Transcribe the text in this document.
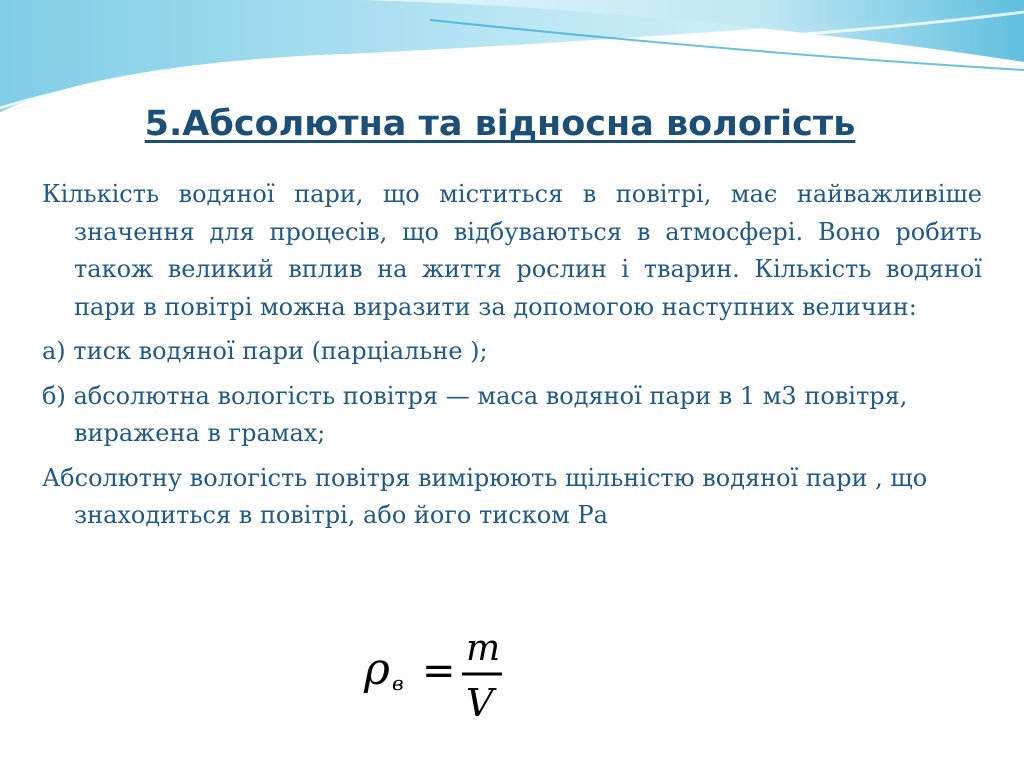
5.Абсолютна та відносна вологість

Кількість водяної пари, що міститься в повітрі, має найважливіше значення для процесів, що відбуваються в атмосфері. Воно робить також великий вплив на життя рослин і тварин. Кількість водяної пари в повітрі можна виразити за допомогою наступних величин:

а) тиск водяної пари (парціальне );

б) абсолютна вологість повітря — маса водяної пари в 1 м3 повітря, виражена в грамах;

Абсолютну вологість повітря вимірюють щільністю водяної пари , що знаходиться в повітрі, або його тиском Ра

ρ в = m
V
